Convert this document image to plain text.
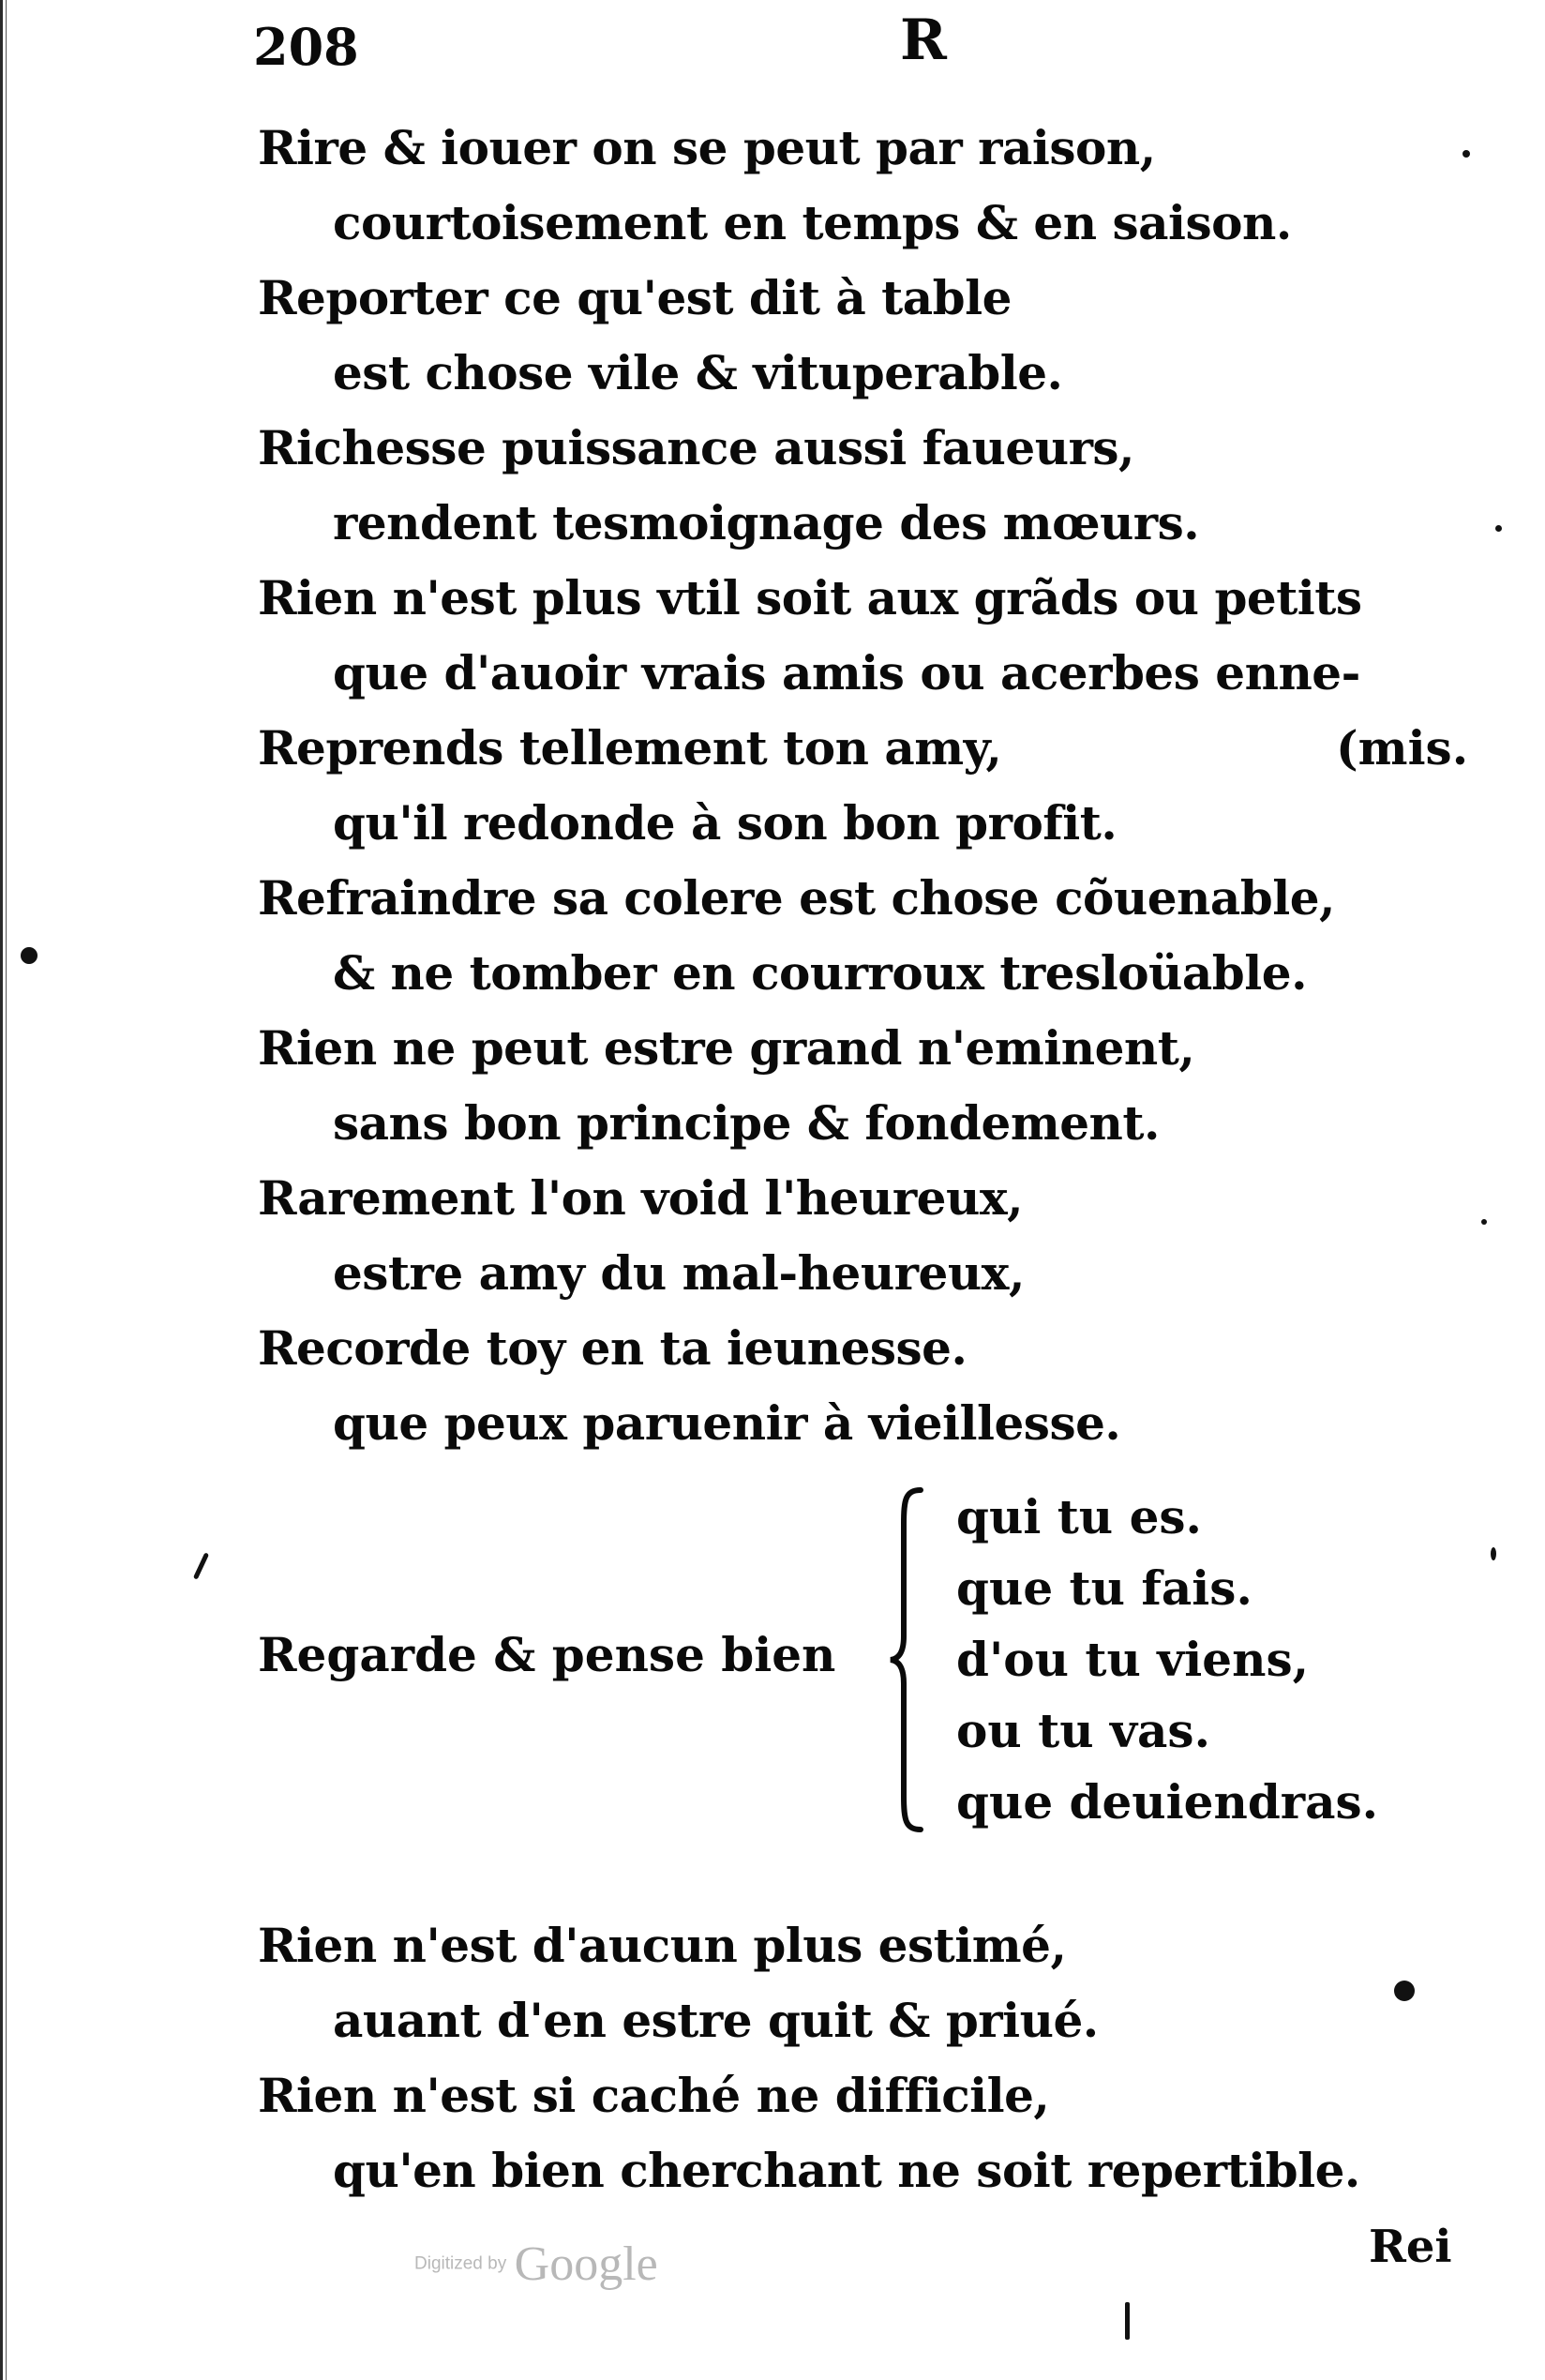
208	R
Rire & iouer on se peut par raison,
courtoisement en temps & en saison.
Reporter ce qu'est dit à table
est chose vile & vituperable.
Richesse puissance aussi faueurs,
rendent tesmoignage des mœurs.
Rien n'est plus vtil soit aux grãds ou petits
que d'auoir vrais amis ou acerbes enne-
Reprends tellement ton amy,	(mis.
qu'il redonde à son bon profit.
Refraindre sa colere est chose cõuenable,
& ne tomber en courroux tresloüable.
Rien ne peut estre grand n'eminent,
sans bon principe & fondement.
Rarement l'on void l'heureux,
estre amy du mal-heureux,
Recorde toy en ta ieunesse.
que peux paruenir à vieillesse.
Regarde & pense bien
qui tu es.
que tu fais.
d'ou tu viens,
ou tu vas.
que deuiendras.
Rien n'est d'aucun plus estimé,
auant d'en estre quit & priué.
Rien n'est si caché ne difficile,
qu'en bien cherchant ne soit repertible.
Rei
Digitized by Google
